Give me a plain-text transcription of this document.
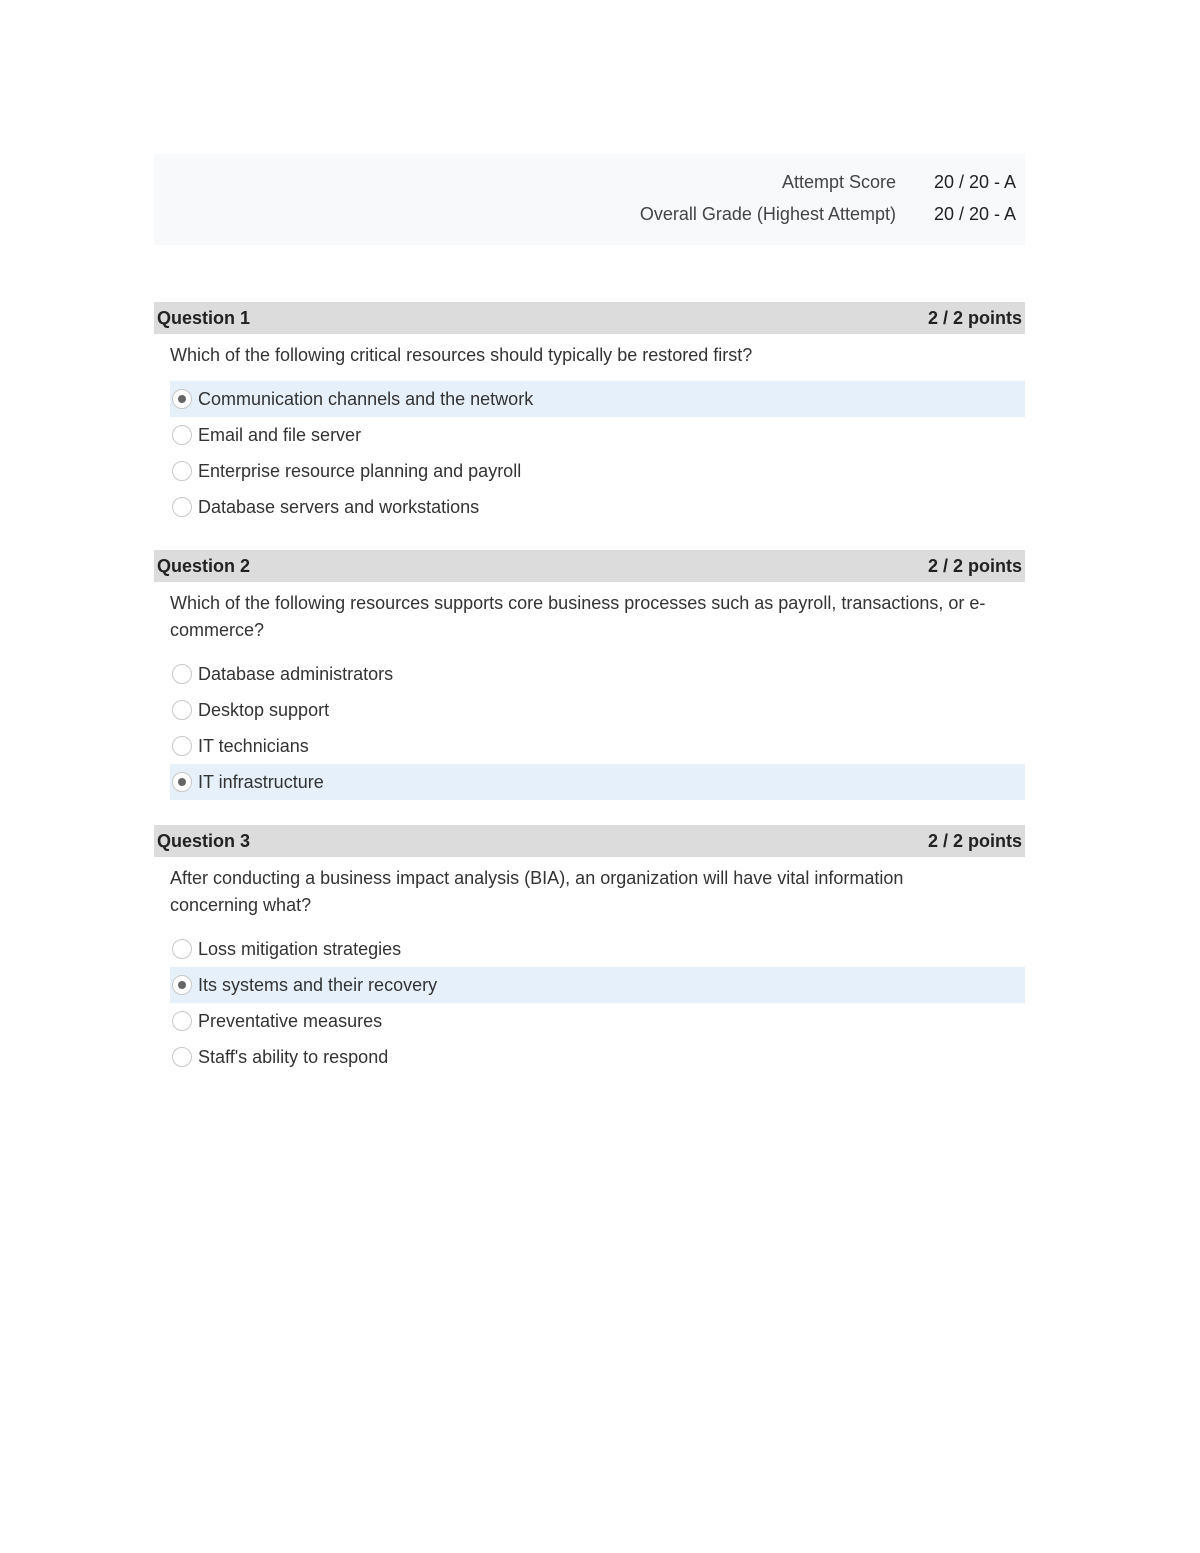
Attempt Score	20 / 20 - A
Overall Grade (Highest Attempt)	20 / 20 - A
Question 1	2 / 2 points
Which of the following critical resources should typically be restored first?
Communication channels and the network
Email and file server
Enterprise resource planning and payroll
Database servers and workstations
Question 2	2 / 2 points
Which of the following resources supports core business processes such as payroll, transactions, or e-commerce?
Database administrators
Desktop support
IT technicians
IT infrastructure
Question 3	2 / 2 points
After conducting a business impact analysis (BIA), an organization will have vital information concerning what?
Loss mitigation strategies
Its systems and their recovery
Preventative measures
Staff's ability to respond
